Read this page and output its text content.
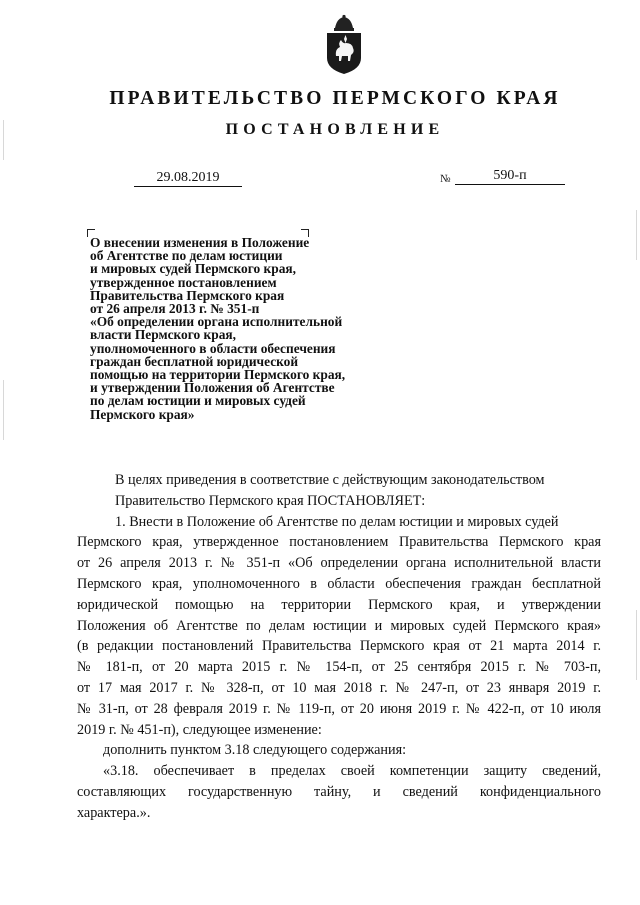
ПРАВИТЕЛЬСТВО ПЕРМСКОГО КРАЯ
ПОСТАНОВЛЕНИЕ
29.08.2019	№	590-п
О внесении изменения в Положение
об Агентстве по делам юстиции
и мировых судей Пермского края,
утвержденное постановлением
Правительства Пермского края
от 26 апреля 2013 г. № 351-п
«Об определении органа исполнительной
власти Пермского края,
уполномоченного в области обеспечения
граждан бесплатной юридической
помощью на территории Пермского края,
и утверждении Положения об Агентстве
по делам юстиции и мировых судей
Пермского края»
В целях приведения в соответствие с действующим законодательством
Правительство Пермского края ПОСТАНОВЛЯЕТ:
1. Внести в Положение об Агентстве по делам юстиции и мировых судей
Пермского края, утвержденное постановлением Правительства Пермского края
от 26 апреля 2013 г. № 351-п «Об определении органа исполнительной власти
Пермского края, уполномоченного в области обеспечения граждан бесплатной
юридической помощью на территории Пермского края, и утверждении
Положения об Агентстве по делам юстиции и мировых судей Пермского края»
(в редакции постановлений Правительства Пермского края от 21 марта 2014 г.
№ 181-п, от 20 марта 2015 г. № 154-п, от 25 сентября 2015 г. № 703-п,
от 17 мая 2017 г. № 328-п, от 10 мая 2018 г. № 247-п, от 23 января 2019 г.
№ 31-п, от 28 февраля 2019 г. № 119-п, от 20 июня 2019 г. № 422-п, от 10 июля
2019 г. № 451-п), следующее изменение:
дополнить пунктом 3.18 следующего содержания:
«3.18. обеспечивает в пределах своей компетенции защиту сведений,
составляющих государственную тайну, и сведений конфиденциального
характера.».
